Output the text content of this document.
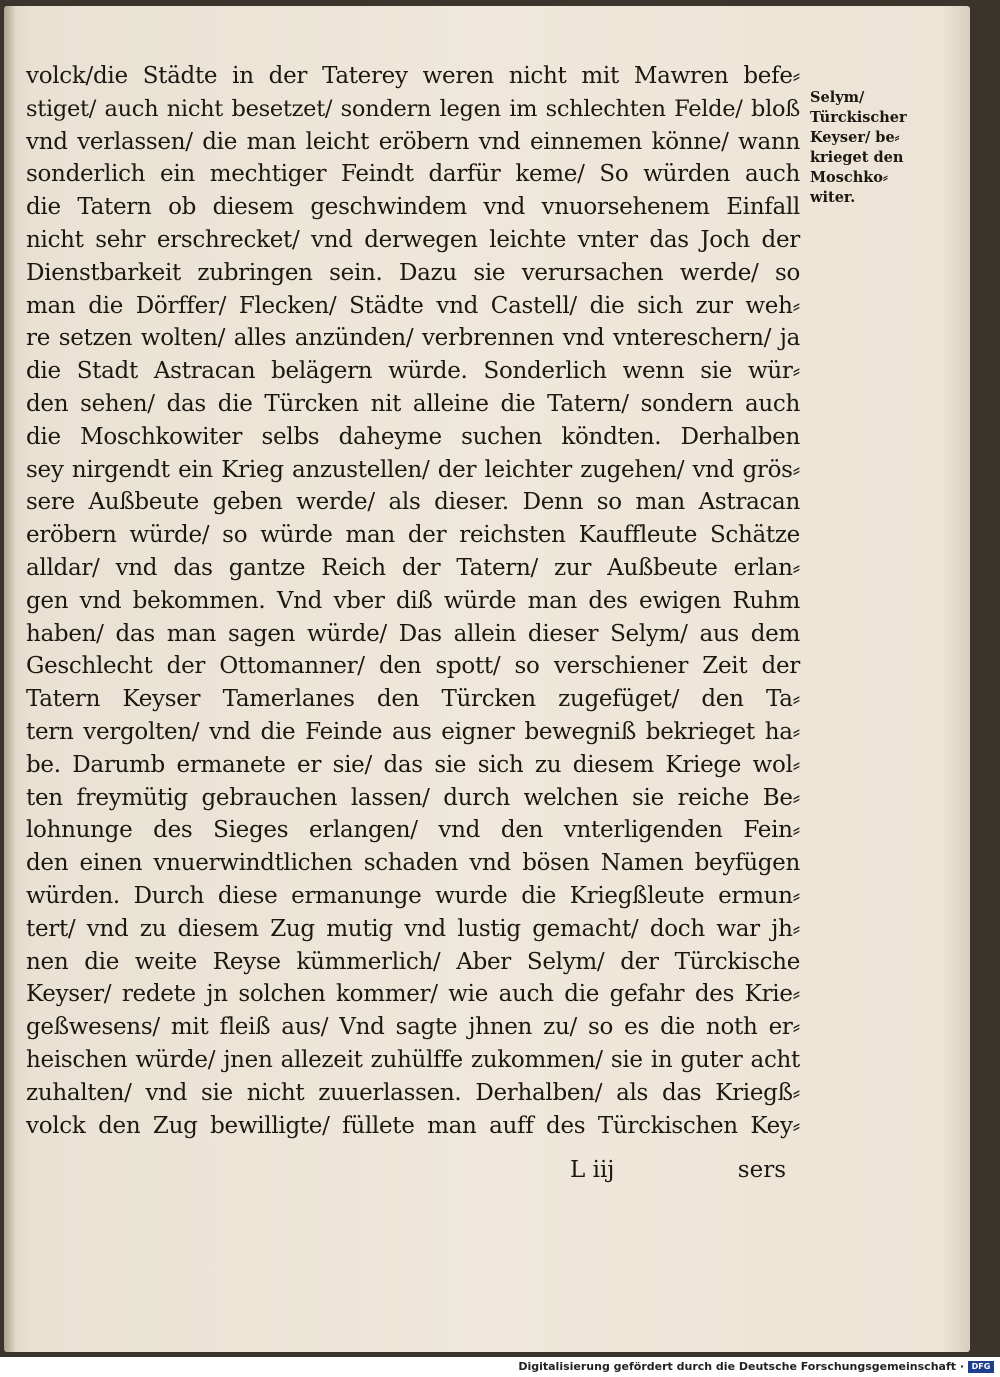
volck/die Städte in der Taterey weren nicht mit Mawren befe⸗
stiget/ auch nicht besetzet/ sondern legen im schlechten Felde/ bloß
vnd verlassen/ die man leicht eröbern vnd einnemen könne/ wann
sonderlich ein mechtiger Feindt darfür keme/ So würden auch
die Tatern ob diesem geschwindem vnd vnuorsehenem Einfall
nicht sehr erschrecket/ vnd derwegen leichte vnter das Joch der
Dienstbarkeit zubringen sein. Dazu sie verursachen werde/ so
man die Dörffer/ Flecken/ Städte vnd Castell/ die sich zur weh⸗
re setzen wolten/ alles anzünden/ verbrennen vnd vntereschern/ ja
die Stadt Astracan belägern würde. Sonderlich wenn sie wür⸗
den sehen/ das die Türcken nit alleine die Tatern/ sondern auch
die Moschkowiter selbs daheyme suchen köndten. Derhalben
sey nirgendt ein Krieg anzustellen/ der leichter zugehen/ vnd grös⸗
sere Außbeute geben werde/ als dieser. Denn so man Astracan
eröbern würde/ so würde man der reichsten Kauffleute Schätze
alldar/ vnd das gantze Reich der Tatern/ zur Außbeute erlan⸗
gen vnd bekommen. Vnd vber diß würde man des ewigen Ruhm
haben/ das man sagen würde/ Das allein dieser Selym/ aus dem
Geschlecht der Ottomanner/ den spott/ so verschiener Zeit der
Tatern Keyser Tamerlanes den Türcken zugefüget/ den Ta⸗
tern vergolten/ vnd die Feinde aus eigner bewegniß bekrieget ha⸗
be. Darumb ermanete er sie/ das sie sich zu diesem Kriege wol⸗
ten freymütig gebrauchen lassen/ durch welchen sie reiche Be⸗
lohnunge des Sieges erlangen/ vnd den vnterligenden Fein⸗
den einen vnuerwindtlichen schaden vnd bösen Namen beyfügen
würden. Durch diese ermanunge wurde die Kriegßleute ermun⸗
tert/ vnd zu diesem Zug mutig vnd lustig gemacht/ doch war jh⸗
nen die weite Reyse kümmerlich/ Aber Selym/ der Türckische
Keyser/ redete jn solchen kommer/ wie auch die gefahr des Krie⸗
geßwesens/ mit fleiß aus/ Vnd sagte jhnen zu/ so es die noth er⸗
heischen würde/ jnen allezeit zuhülffe zukommen/ sie in guter acht
zuhalten/ vnd sie nicht zuuerlassen. Derhalben/ als das Kriegß⸗
volck den Zug bewilligte/ füllete man auff des Türckischen Key⸗
Selym/
Türckischer
Keyser/ be⸗
krieget den
Moschko⸗
witer.
L iij	sers
Digitalisierung gefördert durch die Deutsche Forschungsgemeinschaft · DFG
